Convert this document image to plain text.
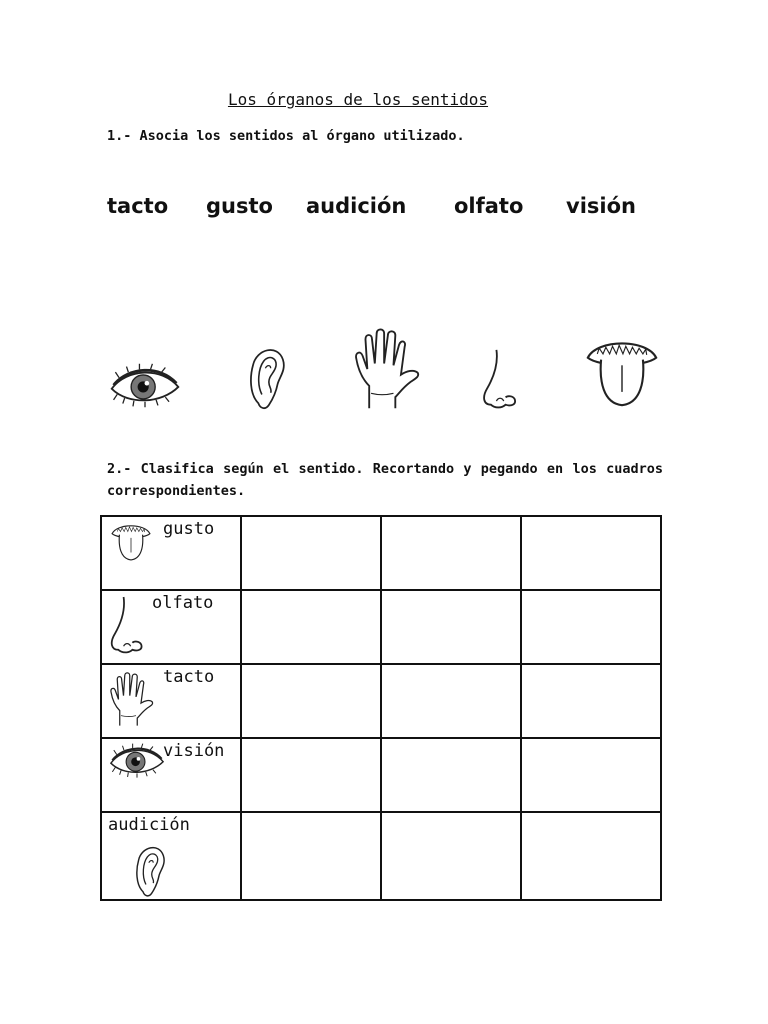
Los órganos de los sentidos
1.- Asocia los sentidos al órgano utilizado.
tacto gusto audición olfato visión
2.- Clasifica según el sentido. Recortando y pegando en los cuadros correspondientes.
gusto			

olfato			

tacto			

visión			

audición			
